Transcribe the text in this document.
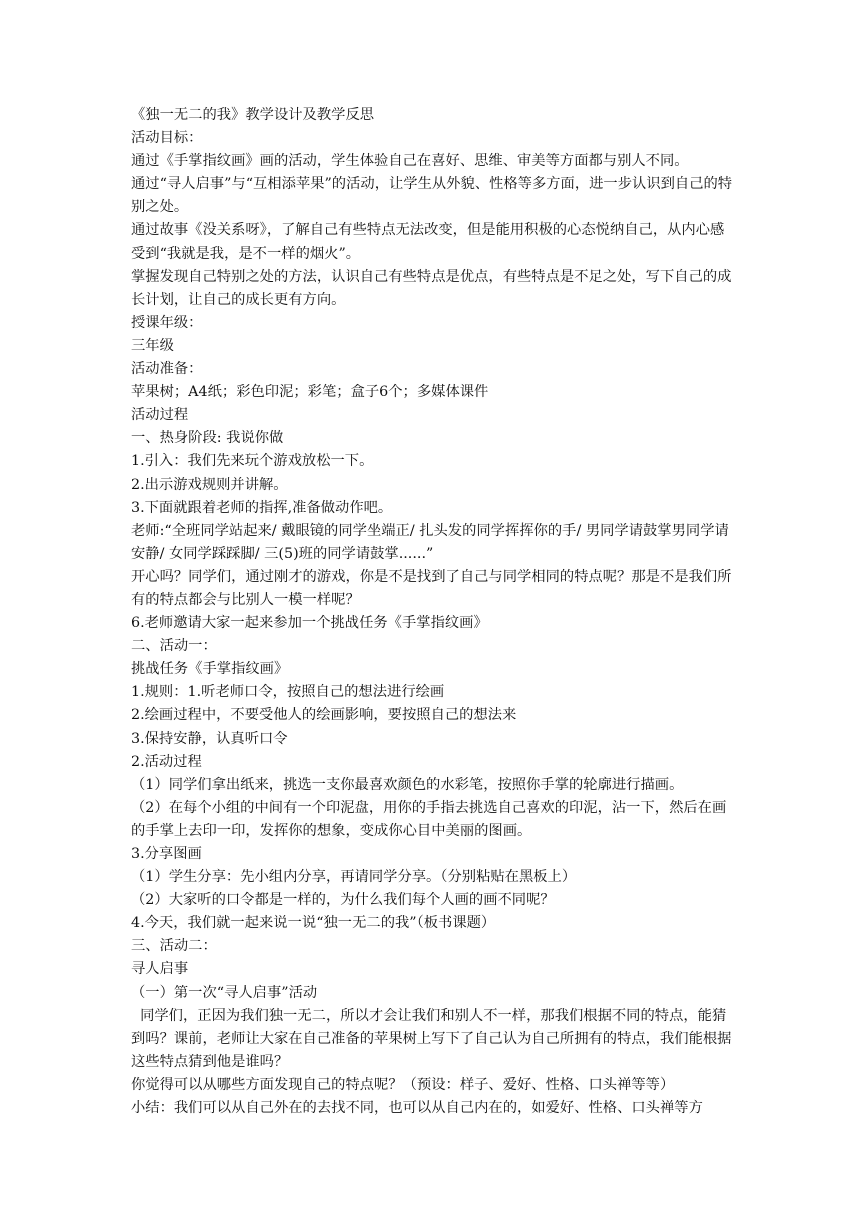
《独一无二的我》教学设计及教学反思

活动目标：

通过《手掌指纹画》画的活动，学生体验自己在喜好、思维、审美等方面都与别人不同。

通过“寻人启事”与“互相添苹果”的活动，让学生从外貌、性格等多方面，进一步认识到自己的特别之处。

通过故事《没关系呀》，了解自己有些特点无法改变，但是能用积极的心态悦纳自己，从内心感受到“我就是我，是不一样的烟火”。

掌握发现自己特别之处的方法，认识自己有些特点是优点，有些特点是不足之处，写下自己的成长计划，让自己的成长更有方向。

授课年级：

三年级

活动准备：

苹果树；A4纸；彩色印泥；彩笔；盒子6个；多媒体课件

活动过程

一、热身阶段: 我说你做

1.引入：我们先来玩个游戏放松一下。

2.出示游戏规则并讲解。

3.下面就跟着老师的指挥,准备做动作吧。

老师:“全班同学站起来/ 戴眼镜的同学坐端正/ 扎头发的同学挥挥你的手/ 男同学请鼓掌男同学请安静/ 女同学踩踩脚/ 三(5)班的同学请鼓掌......”

开心吗？同学们，通过刚才的游戏，你是不是找到了自己与同学相同的特点呢？那是不是我们所有的特点都会与比别人一模一样呢？

6.老师邀请大家一起来参加一个挑战任务《手掌指纹画》

二、活动一：

挑战任务《手掌指纹画》

1.规则：1.听老师口令，按照自己的想法进行绘画

2.绘画过程中，不要受他人的绘画影响，要按照自己的想法来

3.保持安静，认真听口令

2.活动过程

（1）同学们拿出纸来，挑选一支你最喜欢颜色的水彩笔，按照你手掌的轮廓进行描画。

（2）在每个小组的中间有一个印泥盘，用你的手指去挑选自己喜欢的印泥，沾一下，然后在画的手掌上去印一印，发挥你的想象，变成你心目中美丽的图画。

3.分享图画

（1）学生分享：先小组内分享，再请同学分享。（分别粘贴在黑板上）

（2）大家听的口令都是一样的，为什么我们每个人画的画不同呢？

4.今天，我们就一起来说一说“独一无二的我”（板书课题）

三、活动二：

寻人启事

（一）第一次“寻人启事”活动

同学们，正因为我们独一无二，所以才会让我们和别人不一样，那我们根据不同的特点，能猜到吗？课前，老师让大家在自己准备的苹果树上写下了自己认为自己所拥有的特点，我们能根据这些特点猜到他是谁吗？

你觉得可以从哪些方面发现自己的特点呢？（预设：样子、爱好、性格、口头禅等等）

小结：我们可以从自己外在的去找不同，也可以从自己内在的，如爱好、性格、口头禅等方
